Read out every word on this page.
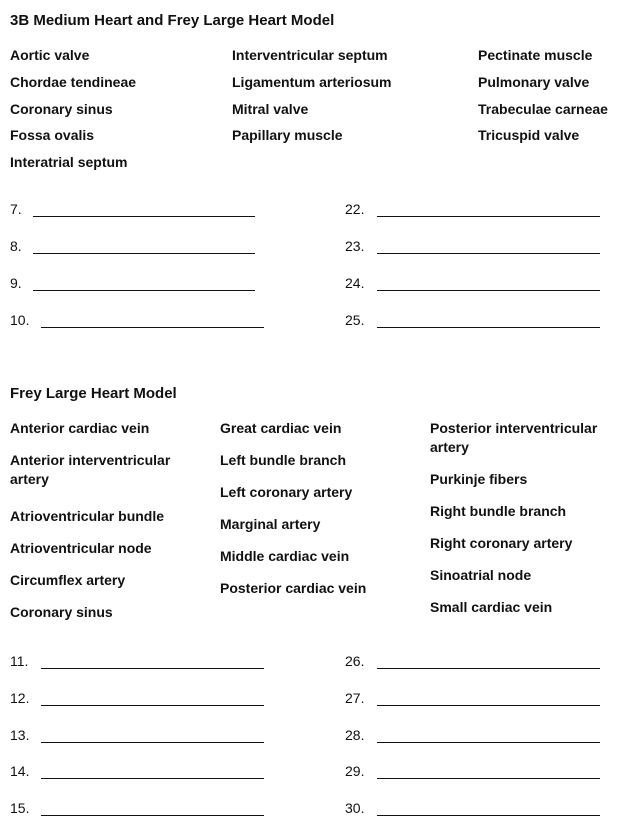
3B Medium Heart and Frey Large Heart Model
Aortic valve
Chordae tendineae
Coronary sinus
Fossa ovalis
Interatrial septum
Interventricular septum
Ligamentum arteriosum
Mitral valve
Papillary muscle
Pectinate muscle
Pulmonary valve
Trabeculae carneae
Tricuspid valve
7.
8.
9.
10.
22.
23.
24.
25.
Frey Large Heart Model
Anterior cardiac vein
Anterior interventricular artery
Atrioventricular bundle
Atrioventricular node
Circumflex artery
Coronary sinus
Great cardiac vein
Left bundle branch
Left coronary artery
Marginal artery
Middle cardiac vein
Posterior cardiac vein
Posterior interventricular artery
Purkinje fibers
Right bundle branch
Right coronary artery
Sinoatrial node
Small cardiac vein
11.
12.
13.
14.
15.
26.
27.
28.
29.
30.
